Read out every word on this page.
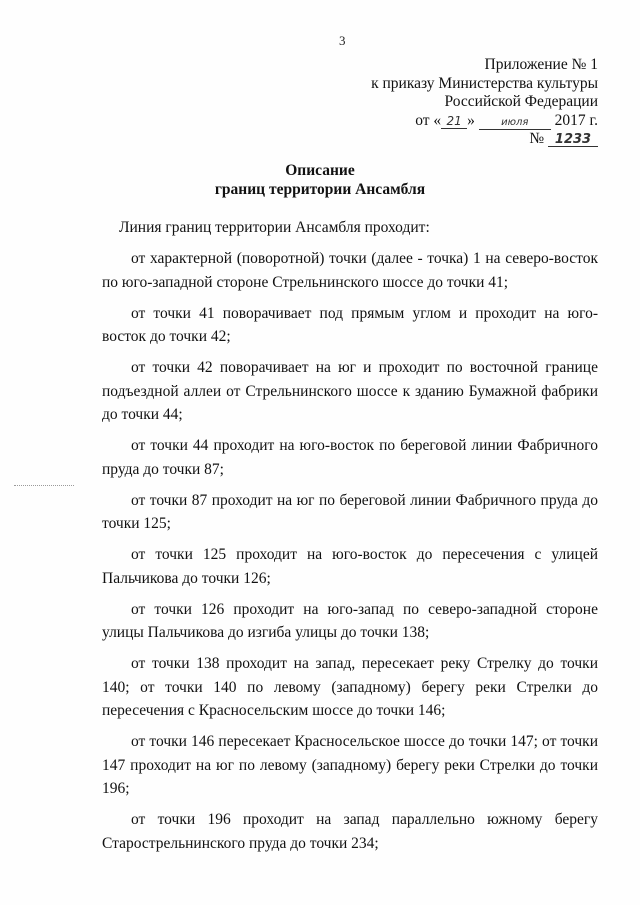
3
Приложение № 1
к приказу Министерства культуры
Российской Федерации
от « 21 »	июля 2017 г.
№ 1233
Описание
границ территории Ансамбля

Линия границ территории Ансамбля проходит:

от характерной (поворотной) точки (далее - точка) 1 на северо-восток по юго-западной стороне Стрельнинского шоссе до точки 41;

от точки 41 поворачивает под прямым углом и проходит на юго-восток до точки 42;

от точки 42 поворачивает на юг и проходит по восточной границе подъездной аллеи от Стрельнинского шоссе к зданию Бумажной фабрики до точки 44;

от точки 44 проходит на юго-восток по береговой линии Фабричного пруда до точки 87;

от точки 87 проходит на юг по береговой линии Фабричного пруда до точки 125;

от точки 125 проходит на юго-восток до пересечения с улицей Пальчикова до точки 126;

от точки 126 проходит на юго-запад по северо-западной стороне улицы Пальчикова до изгиба улицы до точки 138;

от точки 138 проходит на запад, пересекает реку Стрелку до точки 140; от точки 140 по левому (западному) берегу реки Стрелки до пересечения с Красносельским шоссе до точки 146;

от точки 146 пересекает Красносельское шоссе до точки 147; от точки 147 проходит на юг по левому (западному) берегу реки Стрелки до точки 196;

от точки 196 проходит на запад параллельно южному берегу Старострельнинского пруда до точки 234;
